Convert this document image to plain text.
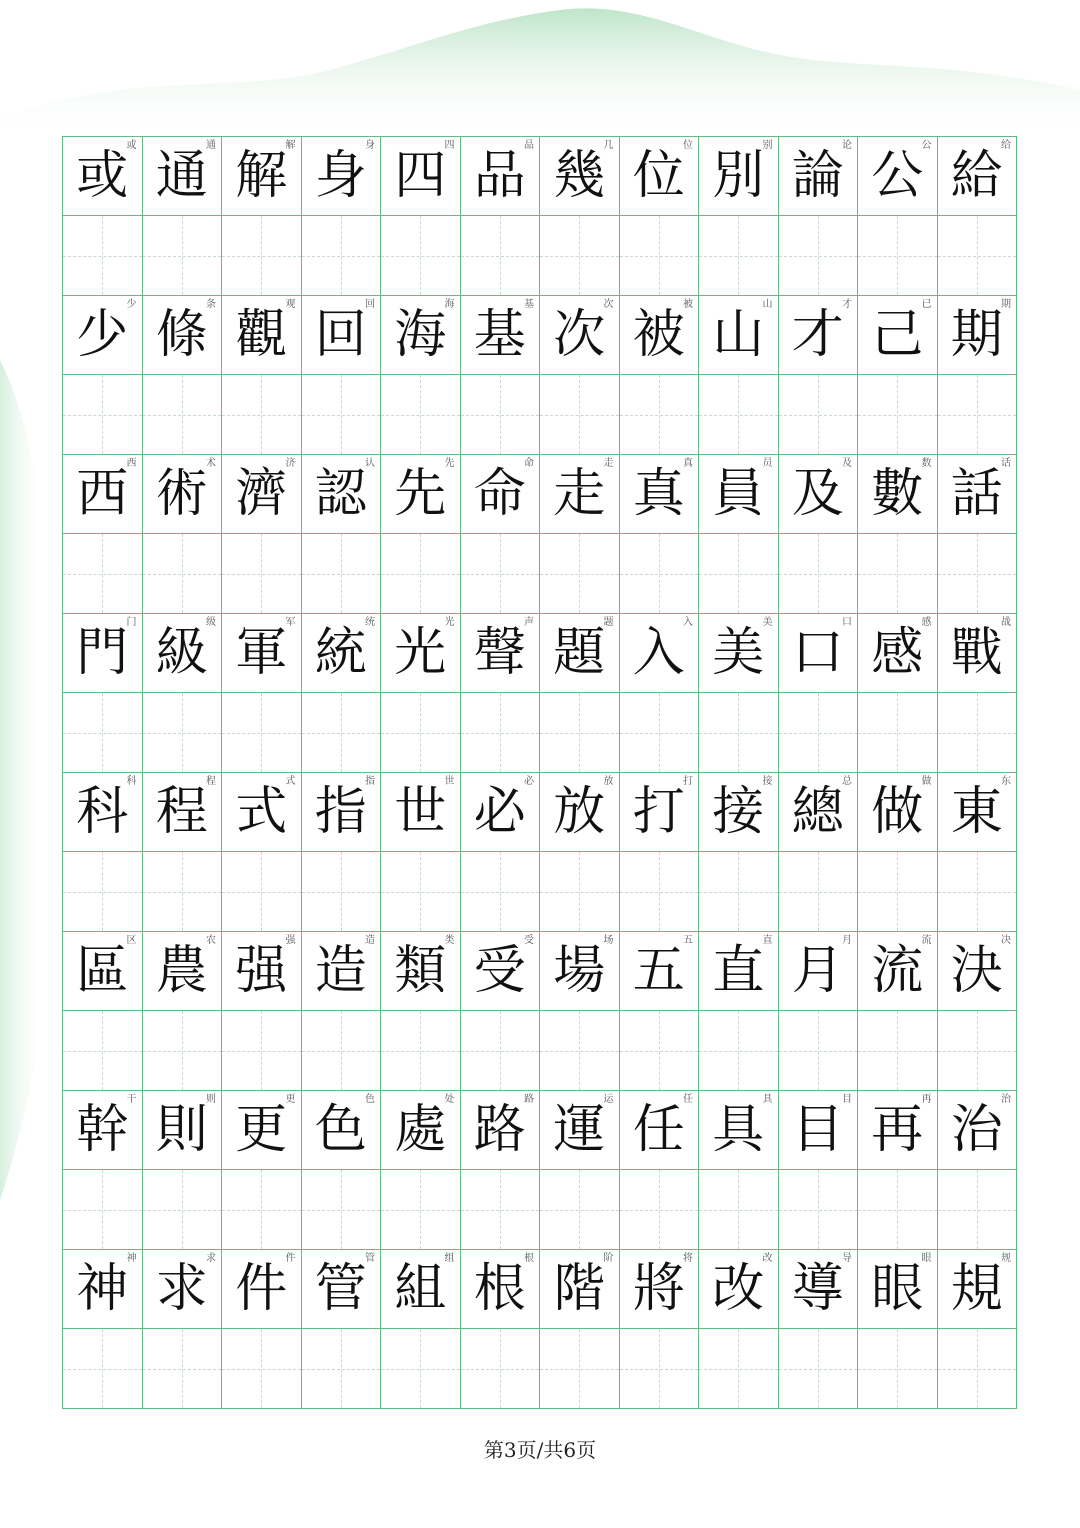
或
或
通
通
解
解
身
身
四
四
品
品
幾
几
位
位
別
别
論
论
公
公
給
给
少
少
條
条
觀
观
回
回
海
海
基
基
次
次
被
被
山
山
才
才
己
已
期
期
西
西
術
术
濟
济
認
认
先
先
命
命
走
走
真
真
員
员
及
及
數
数
話
话
門
门
級
级
軍
军
統
统
光
光
聲
声
題
题
入
入
美
美
口
口
感
感
戰
战
科
科
程
程
式
式
指
指
世
世
必
必
放
放
打
打
接
接
總
总
做
做
東
东
區
区
農
农
强
强
造
造
類
类
受
受
場
场
五
五
直
直
月
月
流
流
決
决
幹
干
則
则
更
更
色
色
處
处
路
路
運
运
任
任
具
具
目
目
再
再
治
治
神
神
求
求
件
件
管
管
組
组
根
根
階
阶
將
将
改
改
導
导
眼
眼
規
规
第3页/共6页
